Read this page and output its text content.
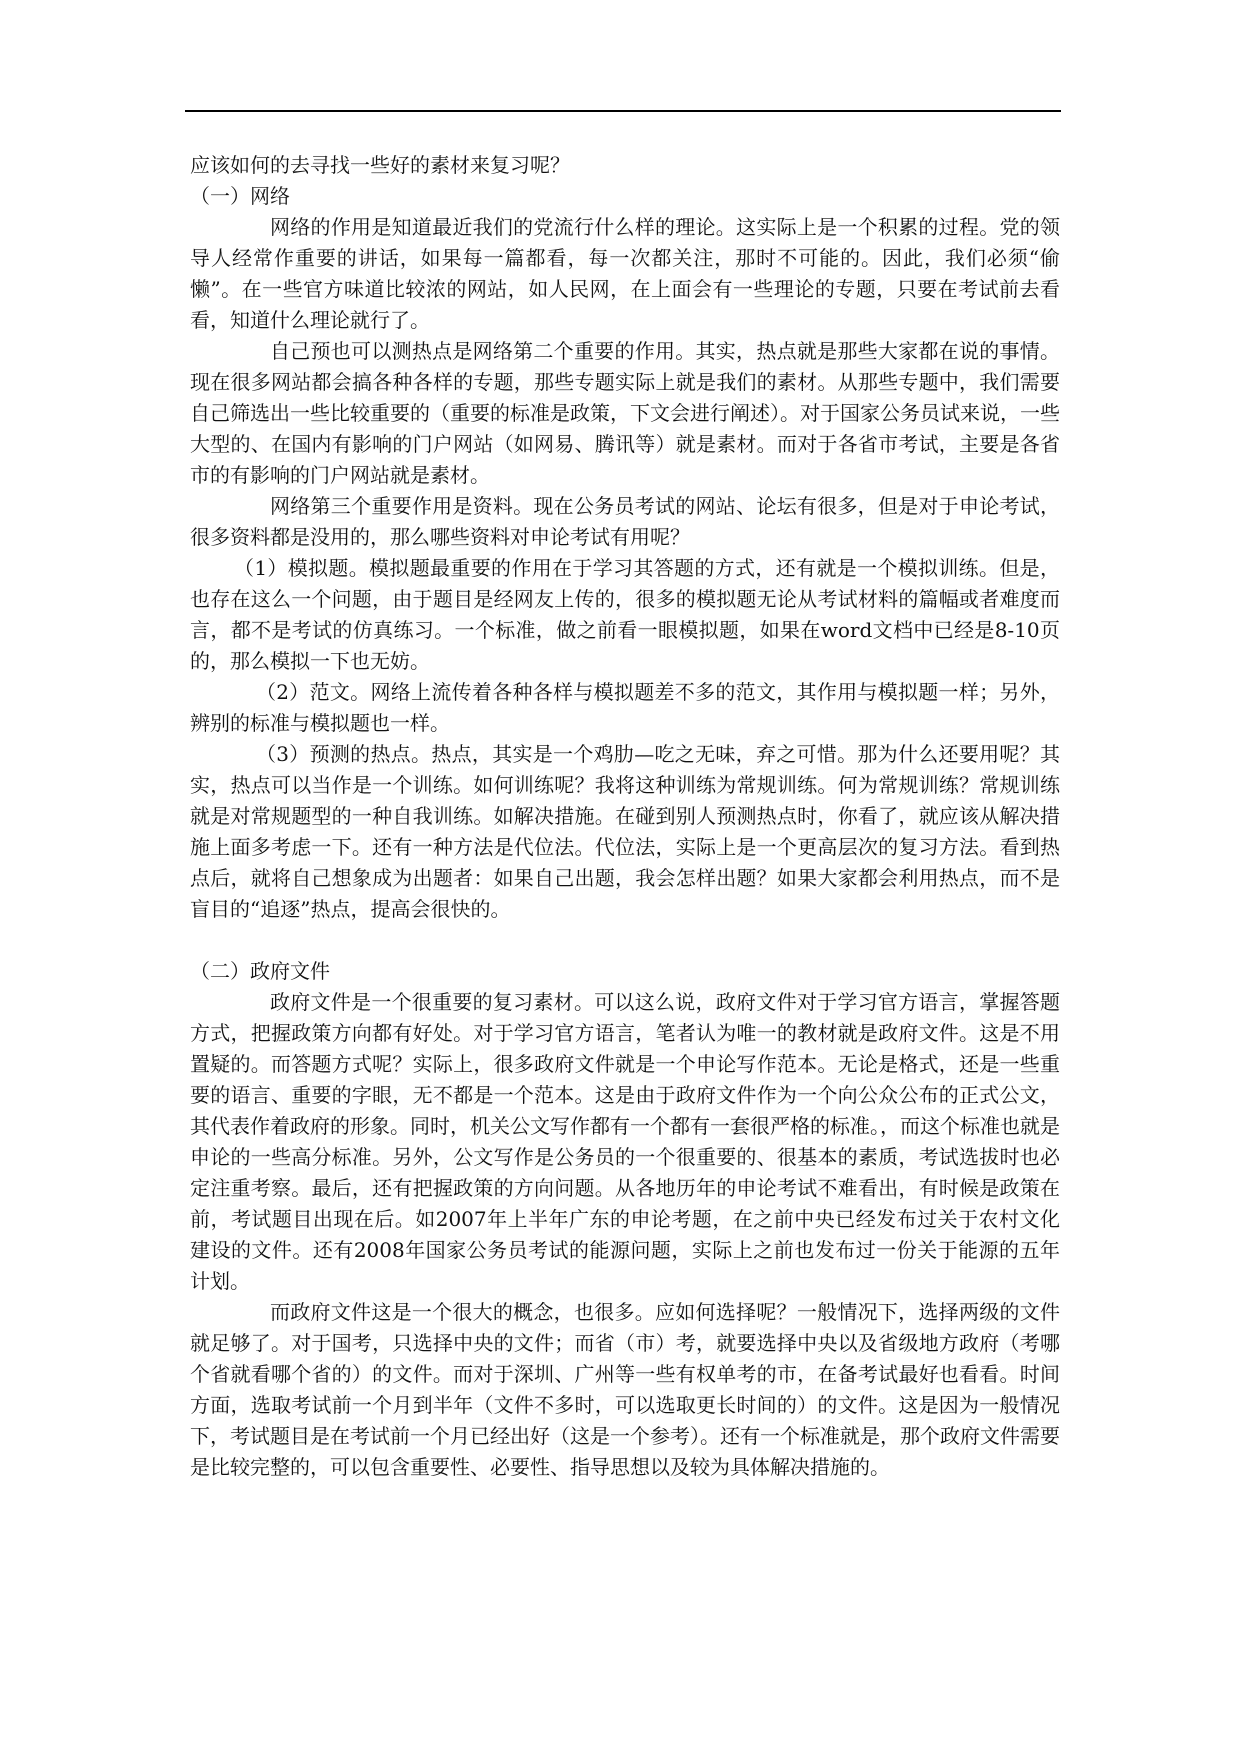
应该如何的去寻找一些好的素材来复习呢？

（一）网络

网络的作用是知道最近我们的党流行什么样的理论。这实际上是一个积累的过程。党的领导人经常作重要的讲话，如果每一篇都看，每一次都关注，那时不可能的。因此，我们必须“偷懒”。在一些官方味道比较浓的网站，如人民网，在上面会有一些理论的专题，只要在考试前去看看，知道什么理论就行了。

自己预也可以测热点是网络第二个重要的作用。其实，热点就是那些大家都在说的事情。现在很多网站都会搞各种各样的专题，那些专题实际上就是我们的素材。从那些专题中，我们需要自己筛选出一些比较重要的（重要的标准是政策，下文会进行阐述）。对于国家公务员试来说，一些大型的、在国内有影响的门户网站（如网易、腾讯等）就是素材。而对于各省市考试，主要是各省市的有影响的门户网站就是素材。

网络第三个重要作用是资料。现在公务员考试的网站、论坛有很多，但是对于申论考试，很多资料都是没用的，那么哪些资料对申论考试有用呢？

（1）模拟题。模拟题最重要的作用在于学习其答题的方式，还有就是一个模拟训练。但是，也存在这么一个问题，由于题目是经网友上传的，很多的模拟题无论从考试材料的篇幅或者难度而言，都不是考试的仿真练习。一个标准，做之前看一眼模拟题，如果在word文档中已经是8-10页的，那么模拟一下也无妨。

（2）范文。网络上流传着各种各样与模拟题差不多的范文，其作用与模拟题一样；另外，辨别的标准与模拟题也一样。

（3）预测的热点。热点，其实是一个鸡肋—吃之无味，弃之可惜。那为什么还要用呢？其实，热点可以当作是一个训练。如何训练呢？我将这种训练为常规训练。何为常规训练？常规训练就是对常规题型的一种自我训练。如解决措施。在碰到别人预测热点时，你看了，就应该从解决措施上面多考虑一下。还有一种方法是代位法。代位法，实际上是一个更高层次的复习方法。看到热点后，就将自己想象成为出题者：如果自己出题，我会怎样出题？如果大家都会利用热点，而不是盲目的“追逐”热点，提高会很快的。

（二）政府文件

政府文件是一个很重要的复习素材。可以这么说，政府文件对于学习官方语言，掌握答题方式，把握政策方向都有好处。对于学习官方语言，笔者认为唯一的教材就是政府文件。这是不用置疑的。而答题方式呢？实际上，很多政府文件就是一个申论写作范本。无论是格式，还是一些重要的语言、重要的字眼，无不都是一个范本。这是由于政府文件作为一个向公众公布的正式公文，其代表作着政府的形象。同时，机关公文写作都有一个都有一套很严格的标准。，而这个标准也就是申论的一些高分标准。另外，公文写作是公务员的一个很重要的、很基本的素质，考试选拔时也必定注重考察。最后，还有把握政策的方向问题。从各地历年的申论考试不难看出，有时候是政策在前，考试题目出现在后。如2007年上半年广东的申论考题，在之前中央已经发布过关于农村文化建设的文件。还有2008年国家公务员考试的能源问题，实际上之前也发布过一份关于能源的五年计划。

而政府文件这是一个很大的概念，也很多。应如何选择呢？一般情况下，选择两级的文件就足够了。对于国考，只选择中央的文件；而省（市）考，就要选择中央以及省级地方政府（考哪个省就看哪个省的）的文件。而对于深圳、广州等一些有权单考的市，在备考试最好也看看。时间方面，选取考试前一个月到半年（文件不多时，可以选取更长时间的）的文件。这是因为一般情况下，考试题目是在考试前一个月已经出好（这是一个参考）。还有一个标准就是，那个政府文件需要是比较完整的，可以包含重要性、必要性、指导思想以及较为具体解决措施的。
